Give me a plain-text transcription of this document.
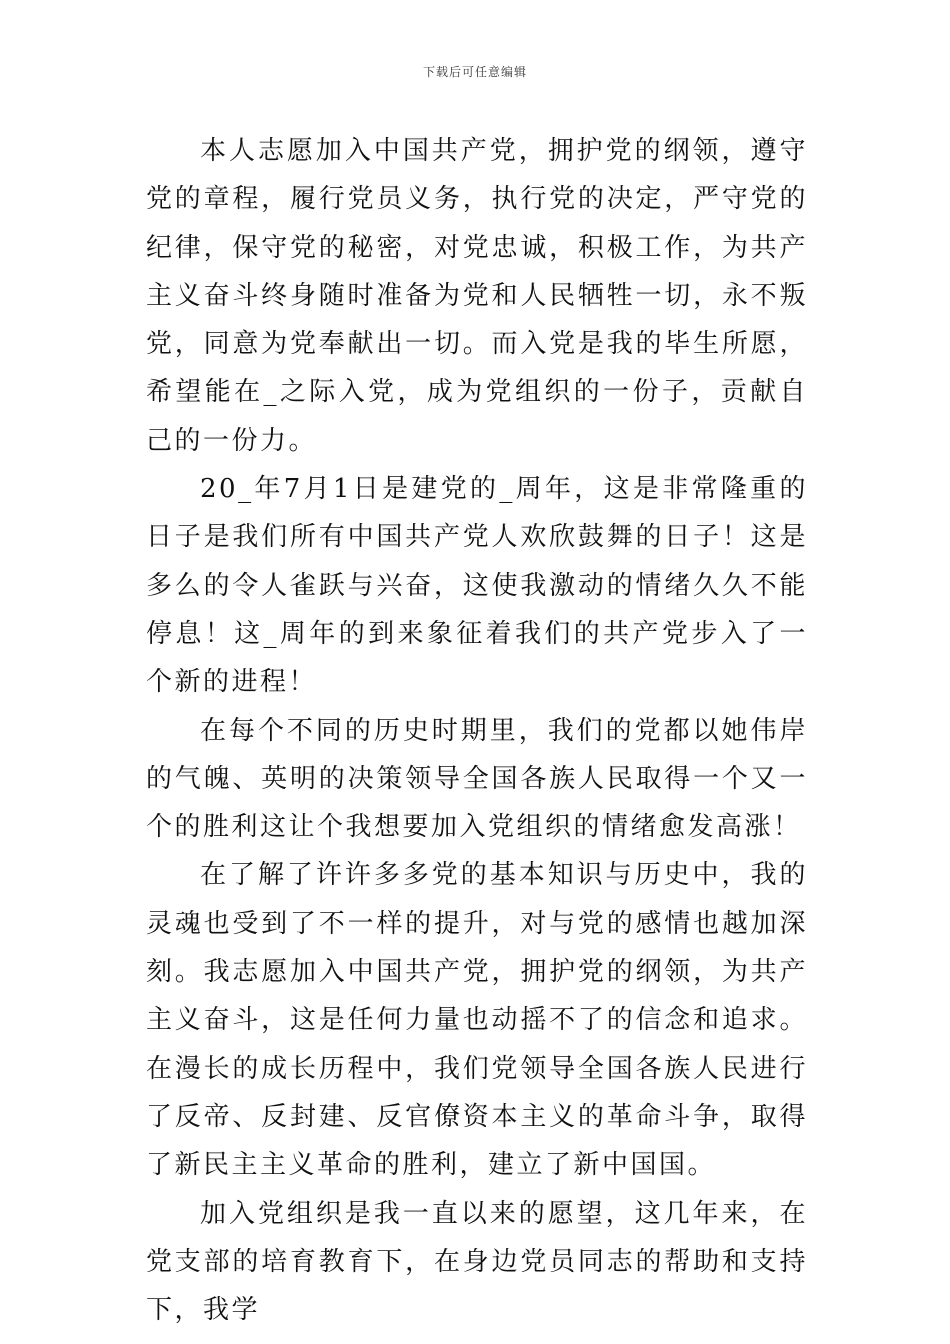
下载后可任意编辑

本人志愿加入中国共产党，拥护党的纲领，遵守党的章程，履行党员义务，执行党的决定，严守党的纪律，保守党的秘密，对党忠诚，积极工作，为共产主义奋斗终身随时准备为党和人民牺牲一切，永不叛党，同意为党奉献出一切。而入党是我的毕生所愿，希望能在_之际入党，成为党组织的一份子，贡献自己的一份力。

20_年7月1日是建党的_周年，这是非常隆重的日子是我们所有中国共产党人欢欣鼓舞的日子！这是多么的令人雀跃与兴奋，这使我激动的情绪久久不能停息！这_周年的到来象征着我们的共产党步入了一个新的进程！

在每个不同的历史时期里，我们的党都以她伟岸的气魄、英明的决策领导全国各族人民取得一个又一个的胜利这让个我想要加入党组织的情绪愈发高涨！

在了解了许许多多党的基本知识与历史中，我的灵魂也受到了不一样的提升，对与党的感情也越加深刻。我志愿加入中国共产党，拥护党的纲领，为共产主义奋斗，这是任何力量也动摇不了的信念和追求。在漫长的成长历程中，我们党领导全国各族人民进行了反帝、反封建、反官僚资本主义的革命斗争，取得了新民主主义革命的胜利，建立了新中国国。

加入党组织是我一直以来的愿望，这几年来，在党支部的培育教育下，在身边党员同志的帮助和支持下，我学
